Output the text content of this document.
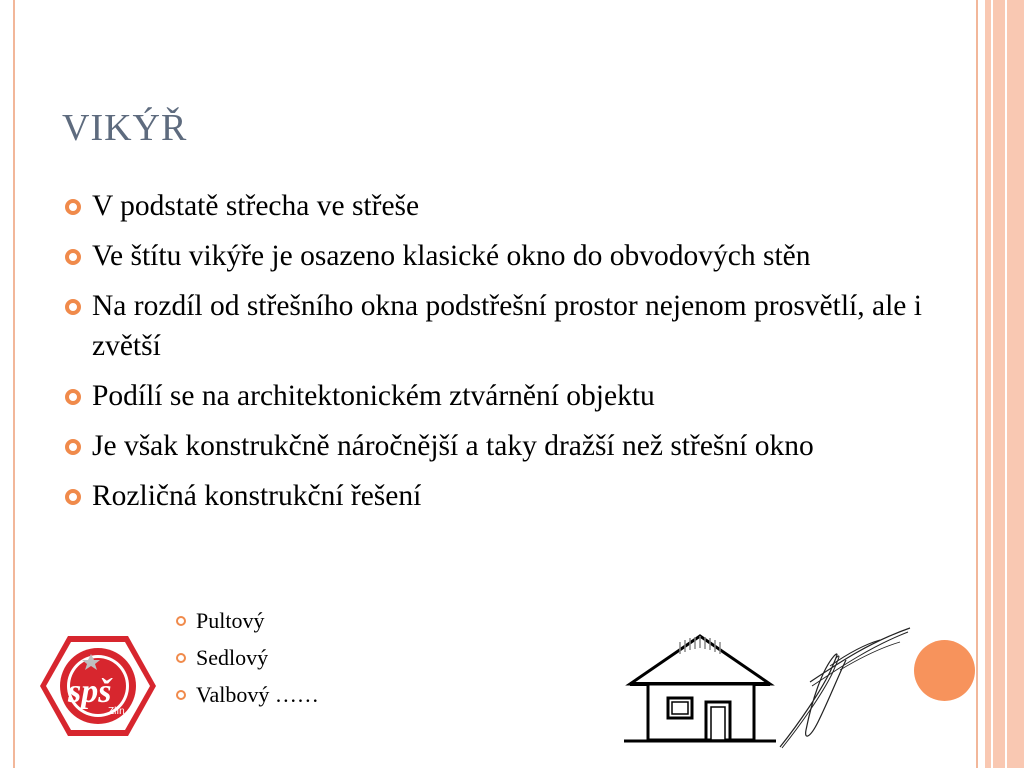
VIKÝŘ
V podstatě střecha ve střeše
Ve štítu vikýře je osazeno klasické okno do obvodových stěn
Na rozdíl od střešního okna podstřešní prostor nejenom prosvětlí, ale i zvětší
Podílí se na architektonickém ztvárnění objektu
Je však konstrukčně náročnější a taky dražší než střešní okno
Rozličná konstrukční řešení
Pultový
Sedlový
Valbový ……
spš
Zlín
